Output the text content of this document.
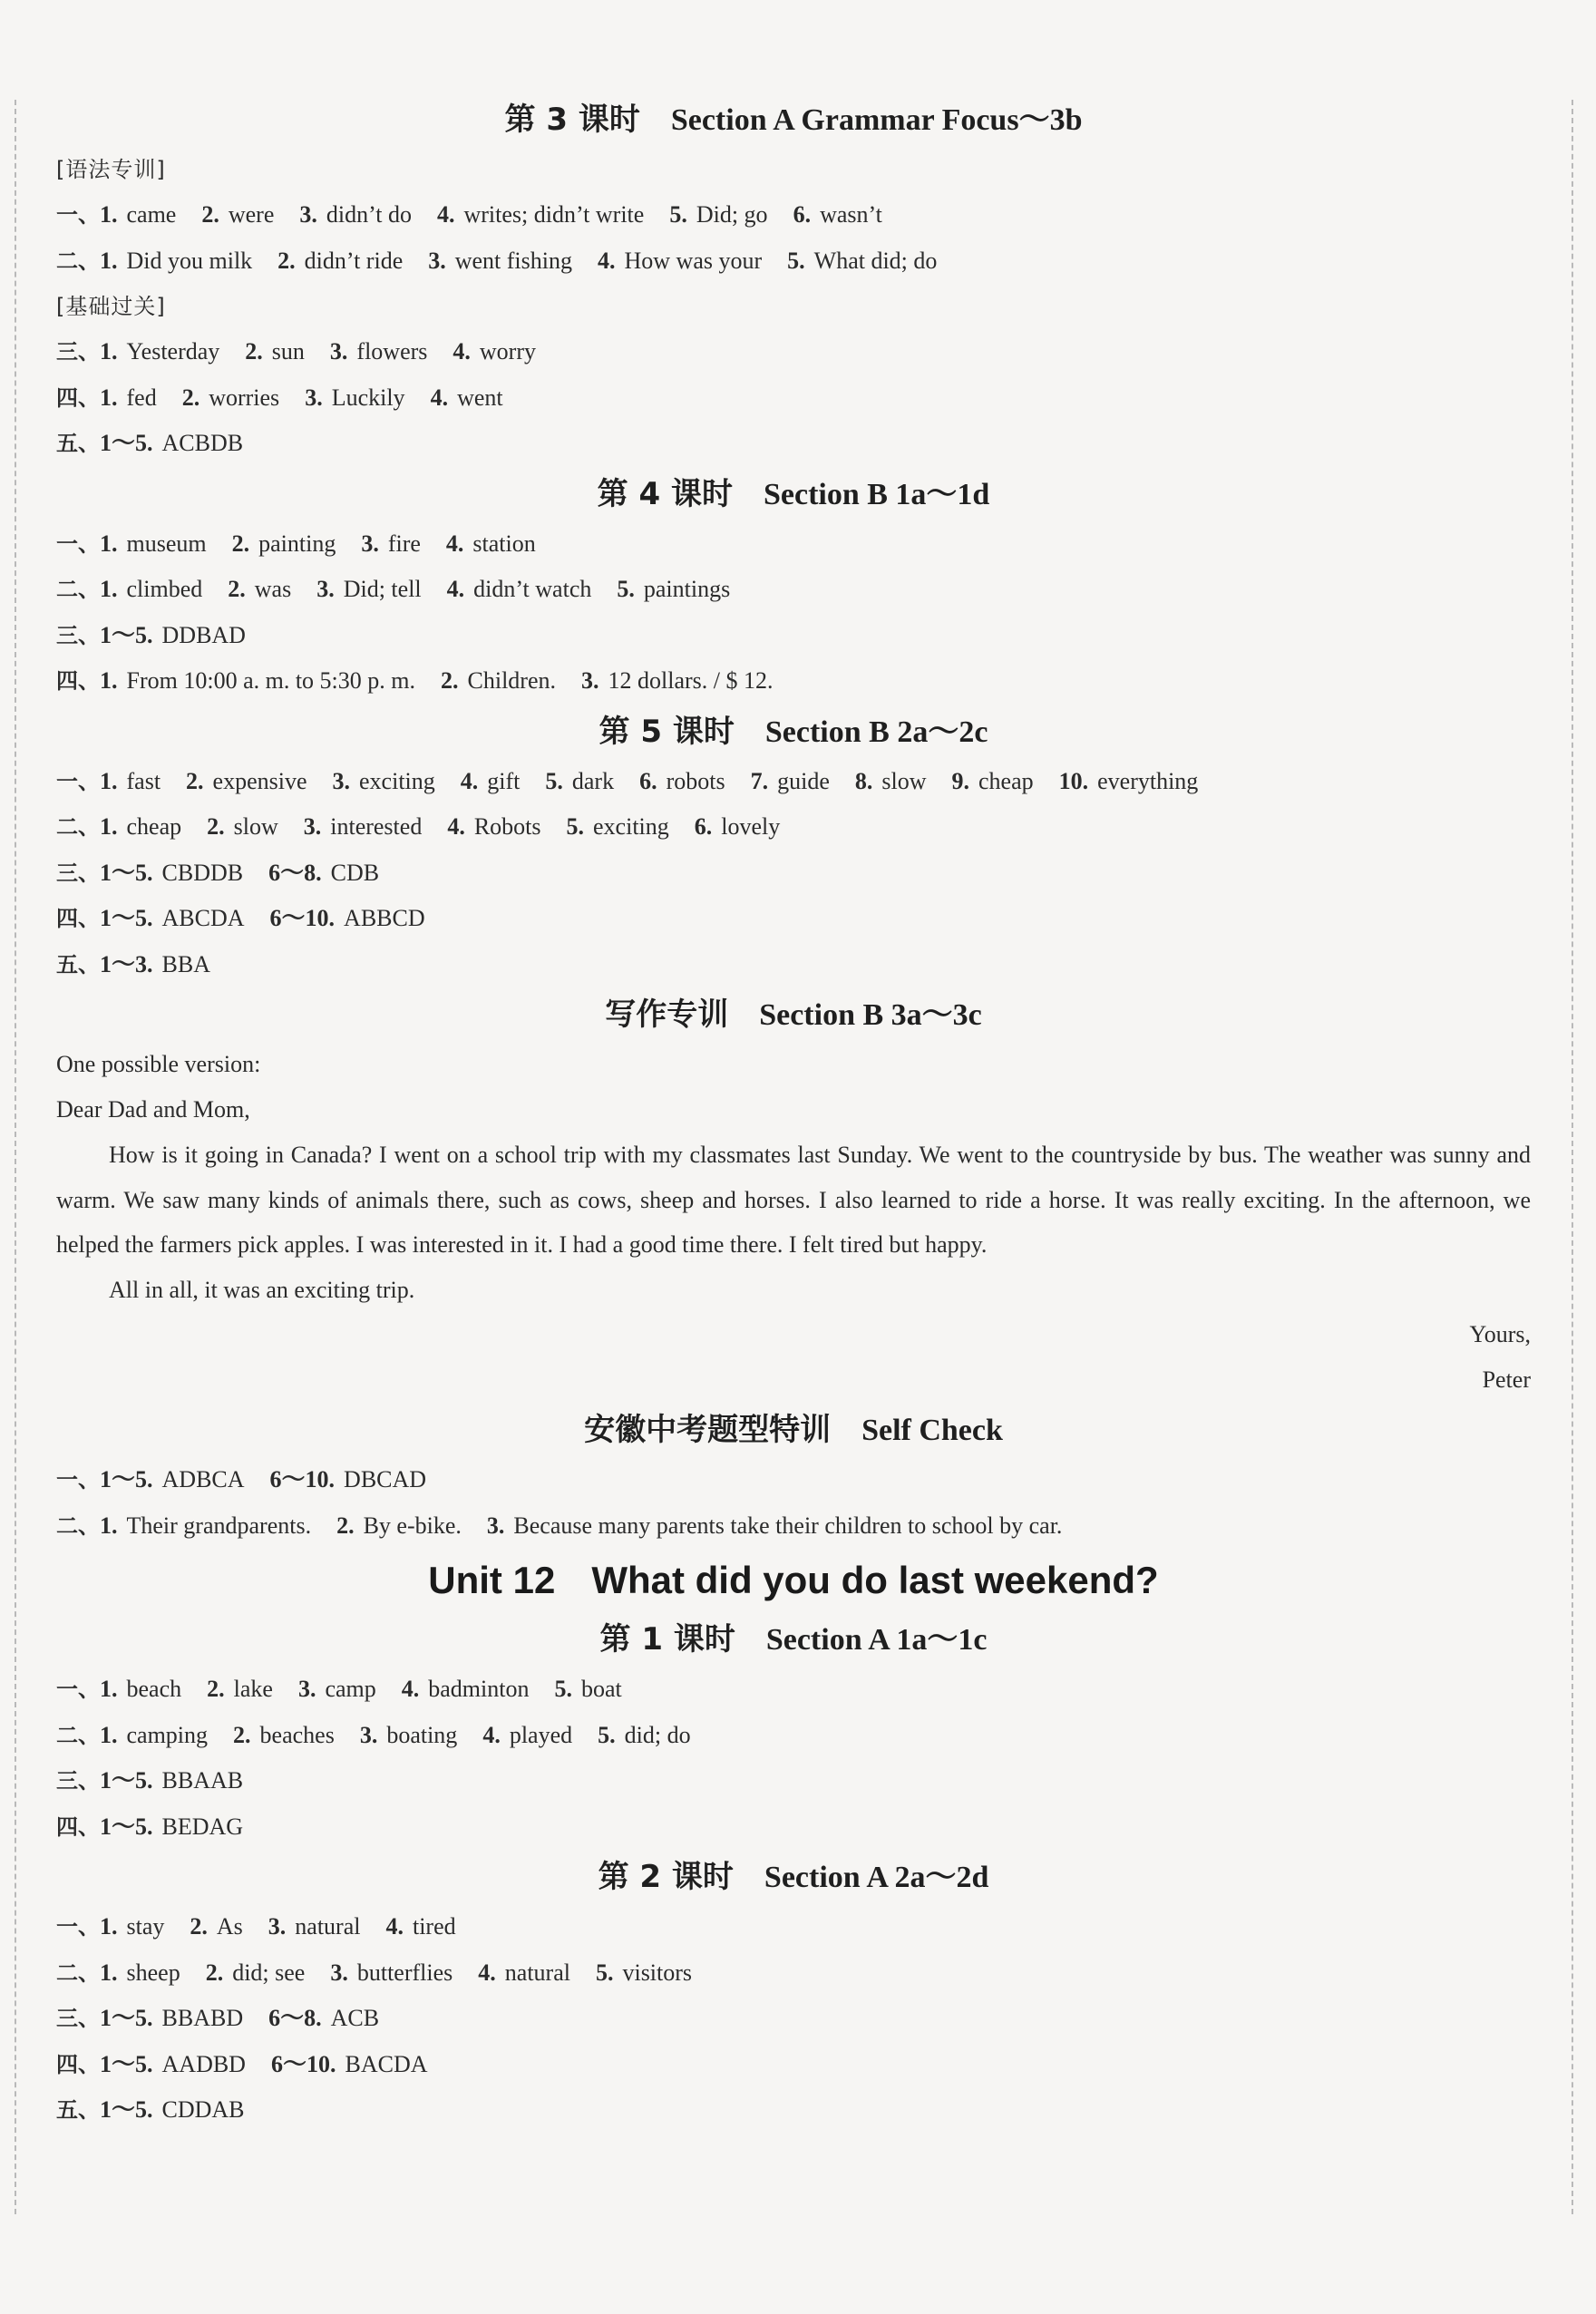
第 3 课时 Section A Grammar Focus～3b
[语法专训]
一、1. came 2. were 3. didn’t do 4. writes; didn’t write 5. Did; go 6. wasn’t
二、1. Did you milk 2. didn’t ride 3. went fishing 4. How was your 5. What did; do
[基础过关]
三、1. Yesterday 2. sun 3. flowers 4. worry
四、1. fed 2. worries 3. Luckily 4. went
五、1～5. ACBDB
第 4 课时 Section B 1a～1d
一、1. museum 2. painting 3. fire 4. station
二、1. climbed 2. was 3. Did; tell 4. didn’t watch 5. paintings
三、1～5. DDBAD
四、1. From 10:00 a. m. to 5:30 p. m. 2. Children. 3. 12 dollars. / $ 12.
第 5 课时 Section B 2a～2c
一、1. fast 2. expensive 3. exciting 4. gift 5. dark 6. robots 7. guide 8. slow 9. cheap 10. everything
二、1. cheap 2. slow 3. interested 4. Robots 5. exciting 6. lovely
三、1～5. CBDDB 6～8. CDB
四、1～5. ABCDA 6～10. ABBCD
五、1～3. BBA
写作专训 Section B 3a～3c
One possible version:
Dear Dad and Mom,
How is it going in Canada? I went on a school trip with my classmates last Sunday. We went to the countryside by bus. The weather was sunny and warm. We saw many kinds of animals there, such as cows, sheep and horses. I also learned to ride a horse. It was really exciting. In the afternoon, we helped the farmers pick apples. I was interested in it. I had a good time there. I felt tired but happy.
All in all, it was an exciting trip.
Yours,
Peter
安徽中考题型特训 Self Check
一、1～5. ADBCA 6～10. DBCAD
二、1. Their grandparents. 2. By e-bike. 3. Because many parents take their children to school by car.
Unit 12 What did you do last weekend?
第 1 课时 Section A 1a～1c
一、1. beach 2. lake 3. camp 4. badminton 5. boat
二、1. camping 2. beaches 3. boating 4. played 5. did; do
三、1～5. BBAAB
四、1～5. BEDAG
第 2 课时 Section A 2a～2d
一、1. stay 2. As 3. natural 4. tired
二、1. sheep 2. did; see 3. butterflies 4. natural 5. visitors
三、1～5. BBABD 6～8. ACB
四、1～5. AADBD 6～10. BACDA
五、1～5. CDDAB
